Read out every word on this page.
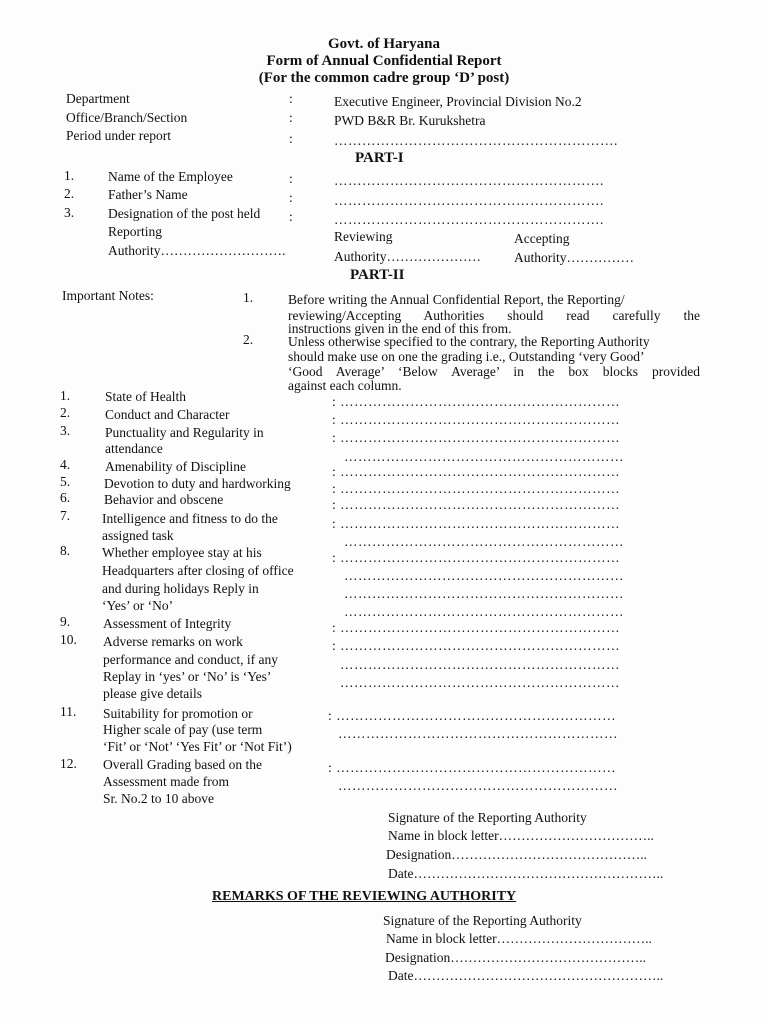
Govt. of Haryana
Form of Annual Confidential Report
(For the common cadre group ‘D’ post)
Department	:	Executive Engineer, Provincial Division No.2
Office/Branch/Section	:	PWD B&R Br. Kurukshetra
Period under report	:	…………………………………………………….
PART-I
1.	Name of the Employee	:	………………………………………………….
2.	Father’s Name	:	………………………………………………….
3.	Designation of the post held :	………………………………………………….
Reporting
Authority……………………….
Reviewing
Authority…………………
Accepting
Authority……………
PART-II
Important Notes:	1.	Before writing the Annual Confidential Report, the Reporting/
reviewing/Accepting Authorities should read carefully the
instructions given in the end of this from.
2.	Unless otherwise specified to the contrary, the Reporting Authority
should make use on one the grading i.e., Outstanding ‘very Good’
‘Good Average’ ‘Below Average’ in the box blocks provided
against each column.
1.	State of Health	: ……………………………………………………
2.	Conduct and Character	: ……………………………………………………
3.	Punctuality and Regularity in
attendance
: ……………………………………………………
……………………………………………………
4.	Amenability of Discipline	: ……………………………………………………
5.	Devotion to duty and hardworking	: ……………………………………………………
6.	Behavior and obscene	: ……………………………………………………
7. Intelligence and fitness to do the
assigned task
: ……………………………………………………
……………………………………………………
8. Whether employee stay at his
Headquarters after closing of office
and during holidays Reply in
‘Yes’ or ‘No’
: ……………………………………………………
……………………………………………………
……………………………………………………
……………………………………………………
9. Assessment of Integrity	: ……………………………………………………
10. Adverse remarks on work
performance and conduct, if any
Replay in ‘yes’ or ‘No’ is ‘Yes’
please give details
: ……………………………………………………
……………………………………………………
……………………………………………………
11. Suitability for promotion or
Higher scale of pay (use term
‘Fit’ or ‘Not’ ‘Yes Fit’ or ‘Not Fit’)
: ……………………………………………………
……………………………………………………
12. Overall Grading based on the
Assessment made from
Sr. No.2 to 10 above
: ……………………………………………………
……………………………………………………
Signature of the Reporting Authority
Name in block letter……………………………..
Designation……………………………………..
Date………………………………………………..
REMARKS OF THE REVIEWING AUTHORITY
Signature of the Reporting Authority
Name in block letter……………………………..
Designation……………………………………..
Date………………………………………………..
